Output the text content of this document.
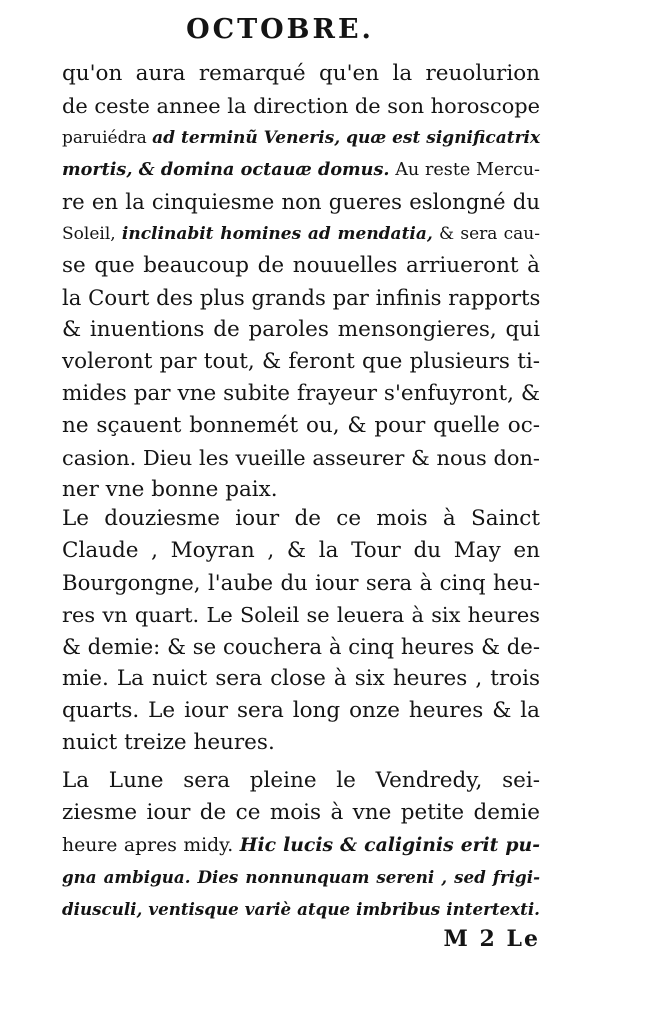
OCTOBRE.
qu'on aura remarqué qu'en la reuolurion
de ceste annee la direction de son horoscope
paruiédra ad terminũ Veneris, quæ est significatrix
mortis, & domina octauæ domus. Au reste Mercu-
re en la cinquiesme non gueres eslongné du
Soleil, inclinabit homines ad mendatia, & sera cau-
se que beaucoup de nouuelles arriueront à
la Court des plus grands par infinis rapports
& inuentions de paroles mensongieres, qui
voleront par tout, & feront que plusieurs ti-
mides par vne subite frayeur s'enfuyront, &
ne sçauent bonnemét ou, & pour quelle oc-
casion. Dieu les vueille asseurer & nous don-
ner vne bonne paix.
Le douziesme iour de ce mois à Sainct
Claude , Moyran , & la Tour du May en
Bourgongne, l'aube du iour sera à cinq heu-
res vn quart. Le Soleil se leuera à six heures
& demie: & se couchera à cinq heures & de-
mie. La nuict sera close à six heures , trois
quarts. Le iour sera long onze heures & la
nuict treize heures.
La Lune sera pleine le Vendredy, sei-
ziesme iour de ce mois à vne petite demie
heure apres midy. Hic lucis & caliginis erit pu-
gna ambigua. Dies nonnunquam sereni , sed frigi-
diusculi, ventisque variè atque imbribus intertexti.
M 2 Le
